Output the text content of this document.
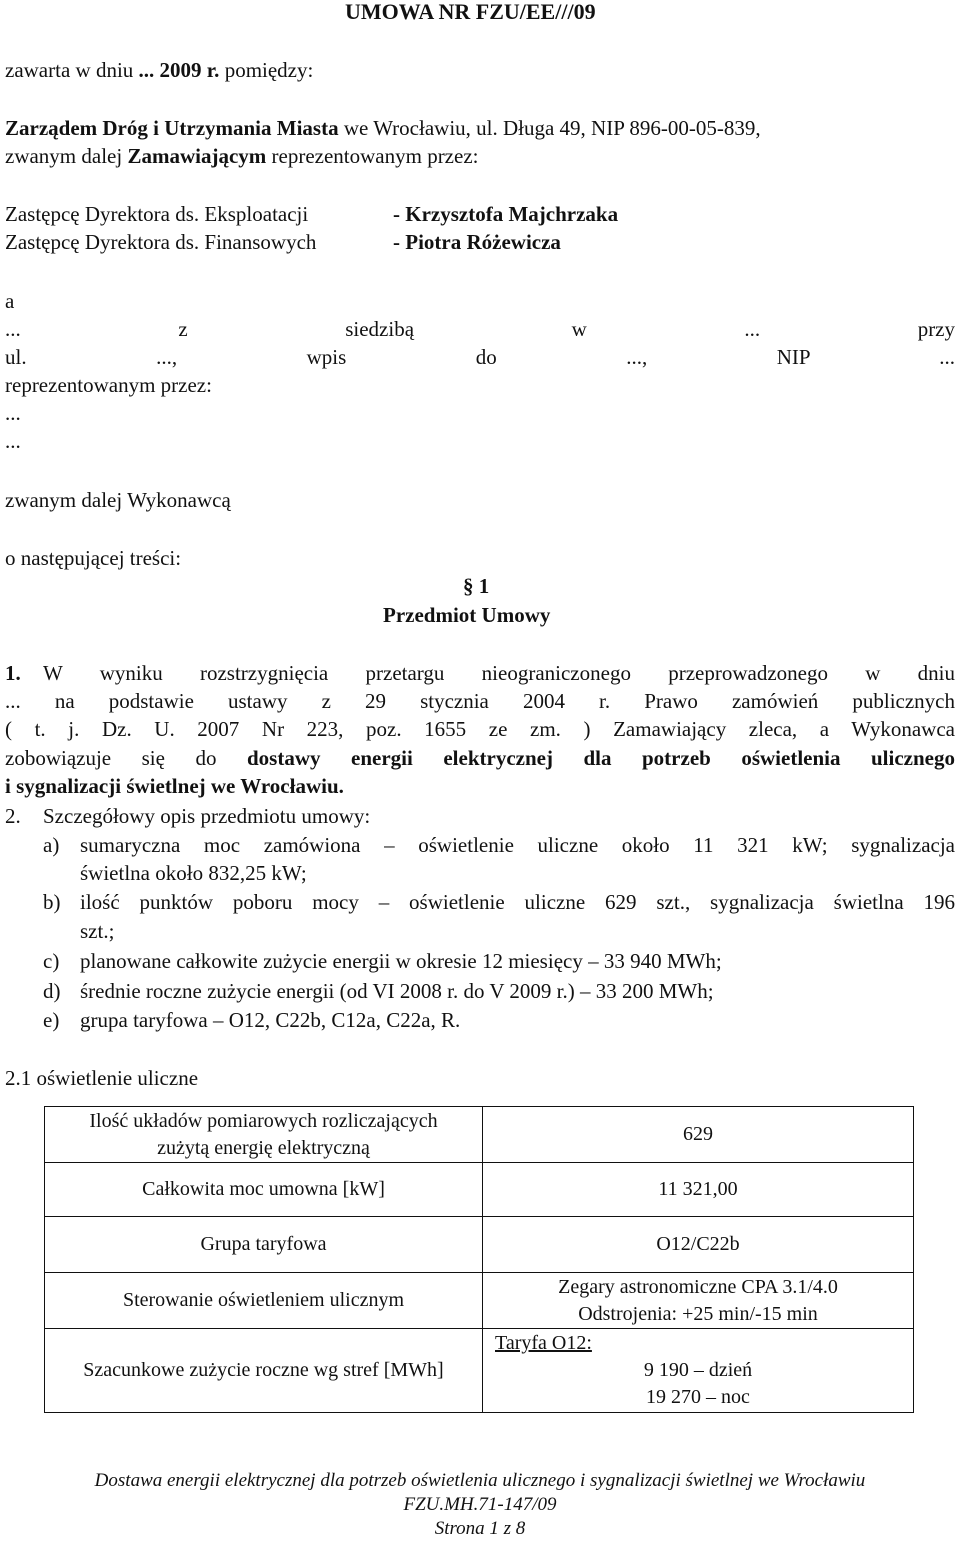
UMOWA NR FZU/EE///09
zawarta w dniu ... 2009 r. pomiędzy:
Zarządem Dróg i Utrzymania Miasta we Wrocławiu, ul. Długa 49, NIP 896-00-05-839,
zwanym dalej Zamawiającym reprezentowanym przez:
Zastępcę Dyrektora ds. Eksploatacji	- Krzysztofa Majchrzaka
Zastępcę Dyrektora ds. Finansowych	- Piotra Różewicza
a
...	z siedzibą w	...	przy
ul. ...,	wpis do	...,	NIP ...
reprezentowanym przez:
...
...
zwanym dalej Wykonawcą
o następującej treści:
§ 1
Przedmiot Umowy
1. W wyniku rozstrzygnięcia przetargu nieograniczonego przeprowadzonego w dniu
... na podstawie ustawy z 29 stycznia 2004 r. Prawo zamówień publicznych
( t. j. Dz. U. 2007 Nr 223, poz. 1655 ze zm. ) Zamawiający zleca, a Wykonawca
zobowiązuje się do dostawy energii elektrycznej dla potrzeb oświetlenia ulicznego
i sygnalizacji świetlnej we Wrocławiu.
2. Szczegółowy opis przedmiotu umowy:
a) sumaryczna moc zamówiona – oświetlenie uliczne około 11 321 kW; sygnalizacja
świetlna około 832,25 kW;
b) ilość punktów poboru mocy – oświetlenie uliczne 629 szt., sygnalizacja świetlna 196
szt.;
c) planowane całkowite zużycie energii w okresie 12 miesięcy – 33 940 MWh;
d) średnie roczne zużycie energii (od VI 2008 r. do V 2009 r.) – 33 200 MWh;
e) grupa taryfowa – O12, C22b, C12a, C22a, R.
2.1 oświetlenie uliczne
Ilość układów pomiarowych rozliczających
zużytą energię elektryczną	629
Całkowita moc umowna [kW]	11 321,00
Grupa taryfowa	O12/C22b
Sterowanie oświetleniem ulicznym	Zegary astronomiczne CPA 3.1/4.0
Odstrojenia: +25 min/-15 min
Szacunkowe zużycie roczne wg stref [MWh]	Taryfa O12:
9 190 – dzień
19 270 – noc
Dostawa energii elektrycznej dla potrzeb oświetlenia ulicznego i sygnalizacji świetlnej we Wrocławiu
FZU.MH.71-147/09
Strona 1 z 8
